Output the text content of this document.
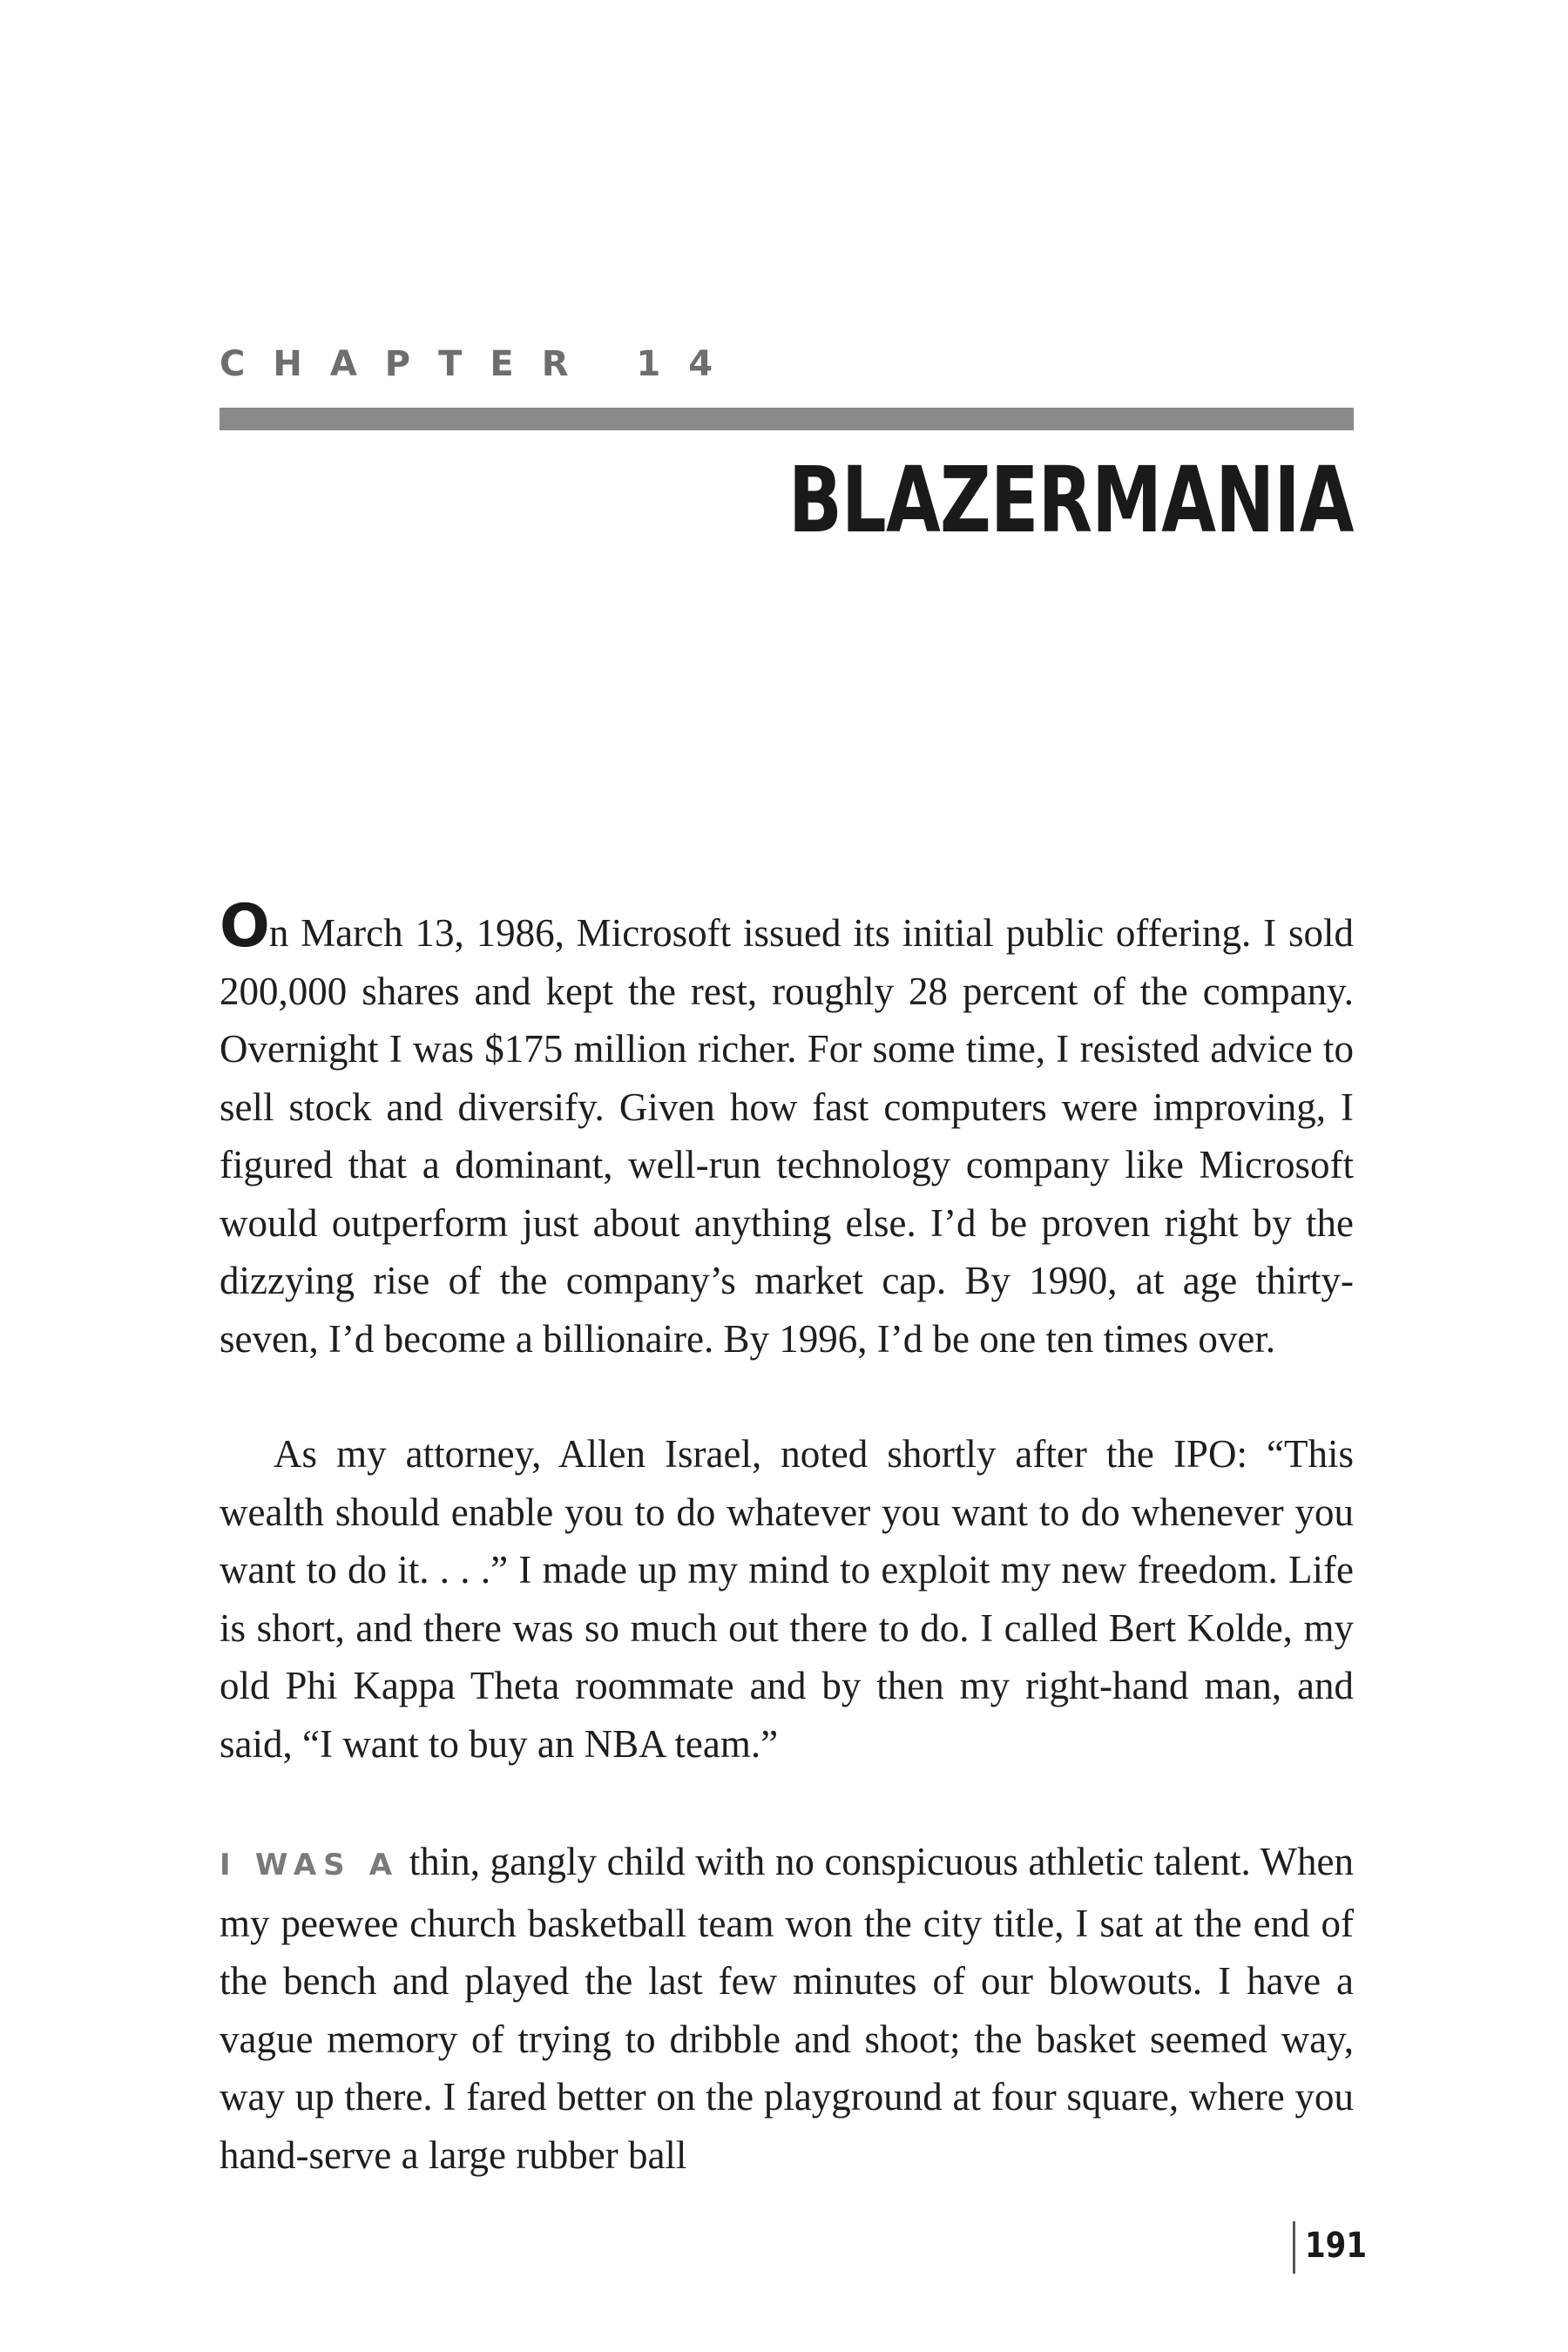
CHAPTER 14
BLAZERMANIA

On March 13, 1986, Microsoft issued its initial public offering. I sold 200,000 shares and kept the rest, roughly 28 percent of the company. Overnight I was $175 million richer. For some time, I resisted advice to sell stock and diversify. Given how fast computers were improving, I figured that a dominant, well-run technology company like Microsoft would outperform just about anything else. I’d be proven right by the dizzying rise of the company’s market cap. By 1990, at age thirty-seven, I’d become a billionaire. By 1996, I’d be one ten times over.

As my attorney, Allen Israel, noted shortly after the IPO: “This wealth should enable you to do whatever you want to do whenever you want to do it. . . .” I made up my mind to exploit my new freedom. Life is short, and there was so much out there to do. I called Bert Kolde, my old Phi Kappa Theta roommate and by then my right-hand man, and said, “I want to buy an NBA team.”

I WAS A thin, gangly child with no conspicuous athletic talent. When my peewee church basketball team won the city title, I sat at the end of the bench and played the last few minutes of our blowouts. I have a vague memory of trying to dribble and shoot; the basket seemed way, way up there. I fared better on the playground at four square, where you hand-serve a large rubber ball

191
